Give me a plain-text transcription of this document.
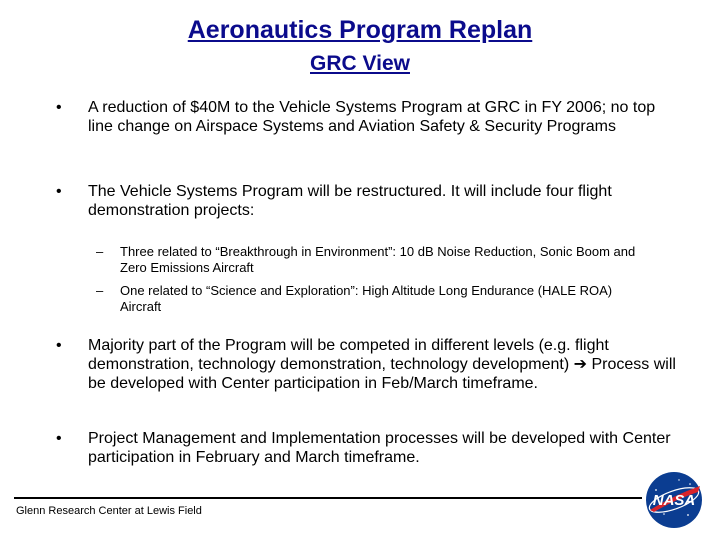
Aeronautics Program Replan
GRC View
•	A reduction of $40M to the Vehicle Systems Program at GRC in FY 2006; no top line change on Airspace Systems and Aviation Safety & Security Programs
•	The Vehicle Systems Program will be restructured. It will include four flight demonstration projects:
–	Three related to “Breakthrough in Environment”: 10 dB Noise Reduction, Sonic Boom and Zero Emissions Aircraft
–	One related to “Science and Exploration”: High Altitude Long Endurance (HALE ROA) Aircraft
•	Majority part of the Program will be competed in different levels (e.g. flight demonstration, technology demonstration, technology development) ➔ Process will be developed with Center participation in Feb/March timeframe.
•	Project Management and Implementation processes will be developed with Center participation in February and March timeframe.
Glenn Research Center at Lewis Field
NASA
